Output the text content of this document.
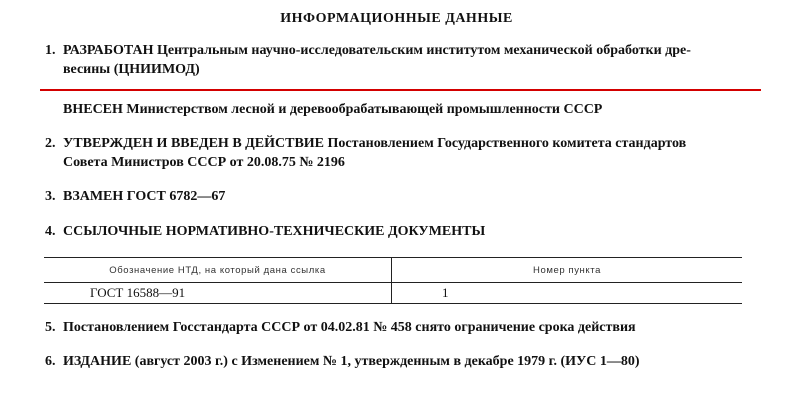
ИНФОРМАЦИОННЫЕ ДАННЫЕ
1. РАЗРАБОТАН Центральным научно-исследовательским институтом механической обработки дре-
весины (ЦНИИМОД)
ВНЕСЕН Министерством лесной и деревообрабатывающей промышленности СССР
2. УТВЕРЖДЕН И ВВЕДЕН В ДЕЙСТВИЕ Постановлением Государственного комитета стандартов
Совета Министров СССР от 20.08.75 № 2196
3. ВЗАМЕН ГОСТ 6782—67
4. ССЫЛОЧНЫЕ НОРМАТИВНО-ТЕХНИЧЕСКИЕ ДОКУМЕНТЫ
Обозначение НТД, на который дана ссылка	Номер пункта
ГОСТ 16588—91	1
5. Постановлением Госстандарта СССР от 04.02.81 № 458 снято ограничение срока действия
6. ИЗДАНИЕ (август 2003 г.) с Изменением № 1, утвержденным в декабре 1979 г. (ИУС 1—80)
